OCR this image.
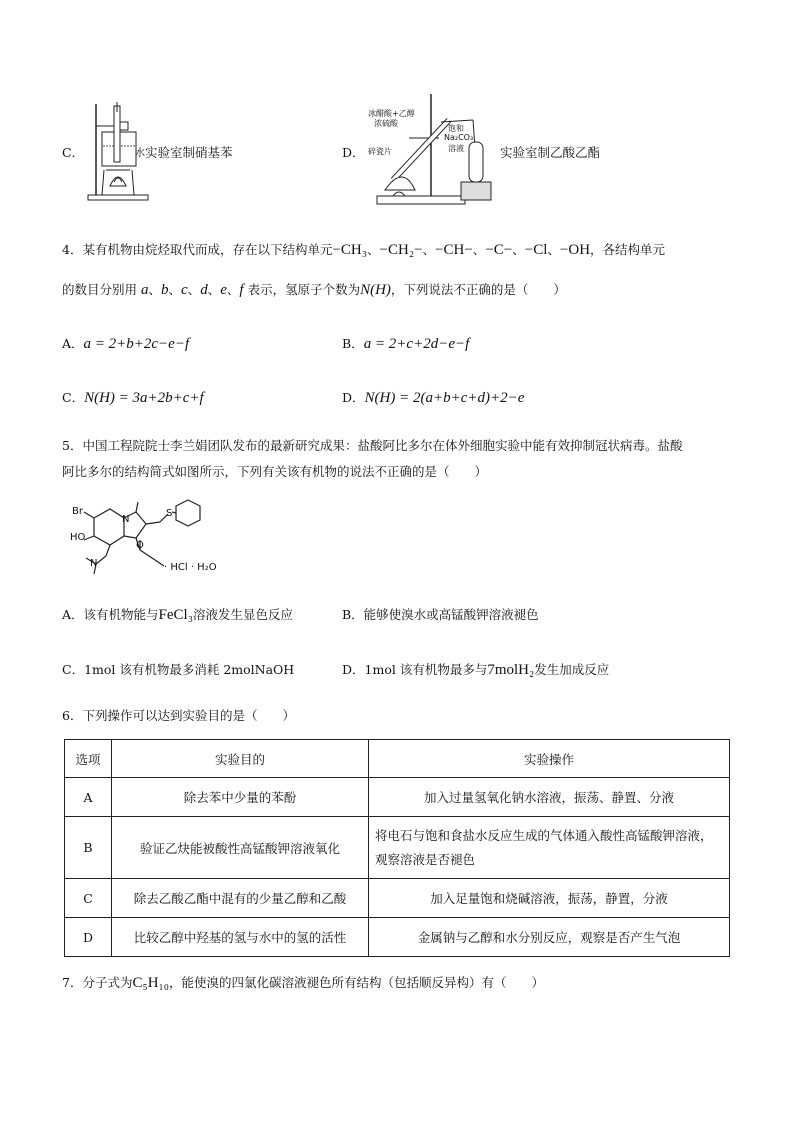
C．	水 实验室制硝基苯	D．
冰醋酸+乙醇
浓硫酸
碎瓷片
饱和
Na₂CO₃
溶液	实验室制乙酸乙酯
4．某有机物由烷烃取代而成，存在以下结构单元−CH₃、−CH₂−、−CH−、−C−、−Cl、−OH，各结构单元
的数目分别用 a、b、c、d、e、f 表示，氢原子个数为N(H)，下列说法不正确的是（　　）
A．a = 2+b+2c−e−f	B．a = 2+c+2d−e−f
C．N(H) = 3a+2b+c+f	D．N(H) = 2(a+b+c+d)+2−e
5．中国工程院院士李兰娟团队发布的最新研究成果：盐酸阿比多尔在体外细胞实验中能有效抑制冠状病毒。盐酸
阿比多尔的结构简式如图所示，下列有关该有机物的说法不正确的是（　　）
Br
HO
N
N
S
O
· HCl · H₂O
A．该有机物能与FeCl₃溶液发生显色反应	B．能够使溴水或高锰酸钾溶液褪色
C．1mol 该有机物最多消耗 2molNaOH	D．1mol 该有机物最多与7molH₂发生加成反应
6．下列操作可以达到实验目的是（　　）
选项	实验目的	实验操作
A	除去苯中少量的苯酚	加入过量氢氧化钠水溶液，振荡、静置、分液
B	验证乙炔能被酸性高锰酸钾溶液氧化	将电石与饱和食盐水反应生成的气体通入酸性高锰酸钾溶液，观察溶液是否褪色
C	除去乙酸乙酯中混有的少量乙醇和乙酸	加入足量饱和烧碱溶液，振荡，静置，分液
D	比较乙醇中羟基的氢与水中的氢的活性	金属钠与乙醇和水分别反应，观察是否产生气泡
7．分子式为C₅H₁₀，能使溴的四氯化碳溶液褪色所有结构（包括顺反异构）有（　　）
